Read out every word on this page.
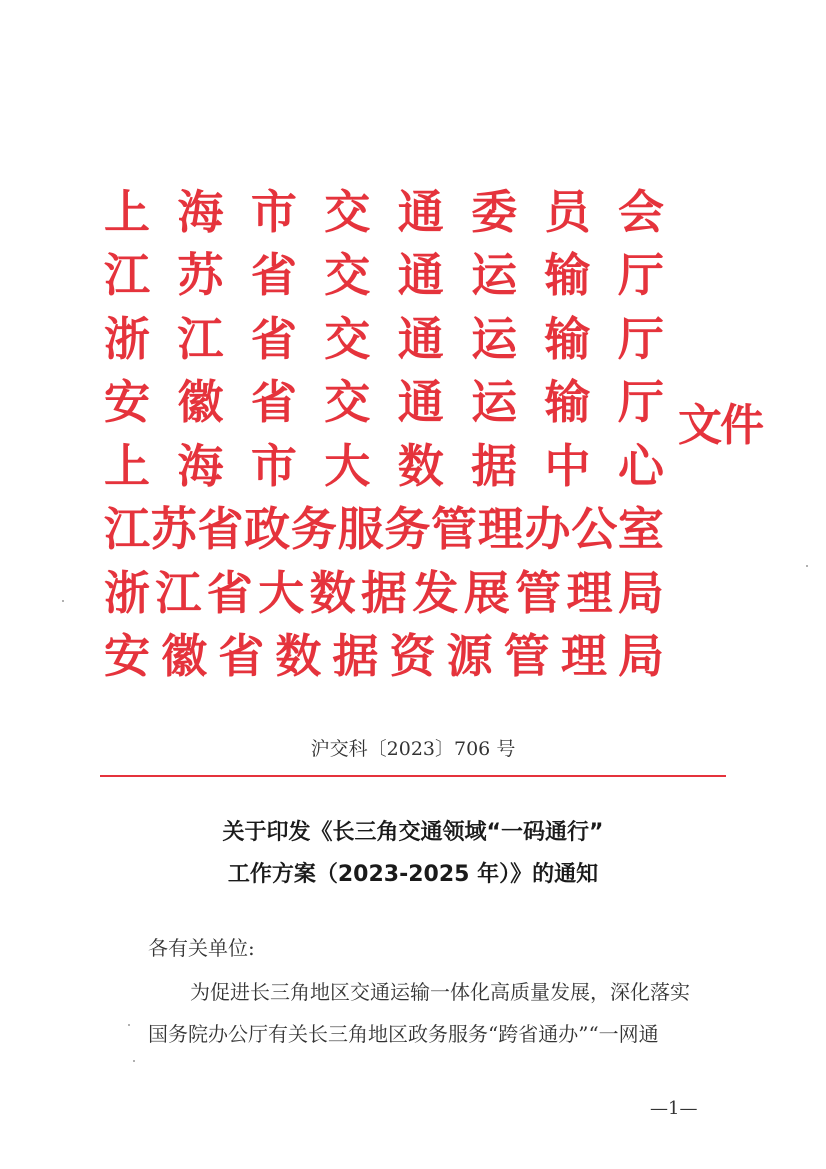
上 海 市 交 通 委 员 会
江 苏 省 交 通 运 输 厅
浙 江 省 交 通 运 输 厅
安 徽 省 交 通 运 输 厅
上 海 市 大 数 据 中 心
江 苏 省 政 务 服 务 管 理 办 公 室
浙 江 省 大 数 据 发 展 管 理 局
安 徽 省 数 据 资 源 管 理 局
文件
沪交科〔2023〕706 号
关于印发《长三角交通领域“一码通行”
工作方案（2023-2025 年）》的通知
各有关单位:
为促进长三角地区交通运输一体化高质量发展，深化落实
国务院办公厅有关长三角地区政务服务“跨省通办”“一网通
—1—
